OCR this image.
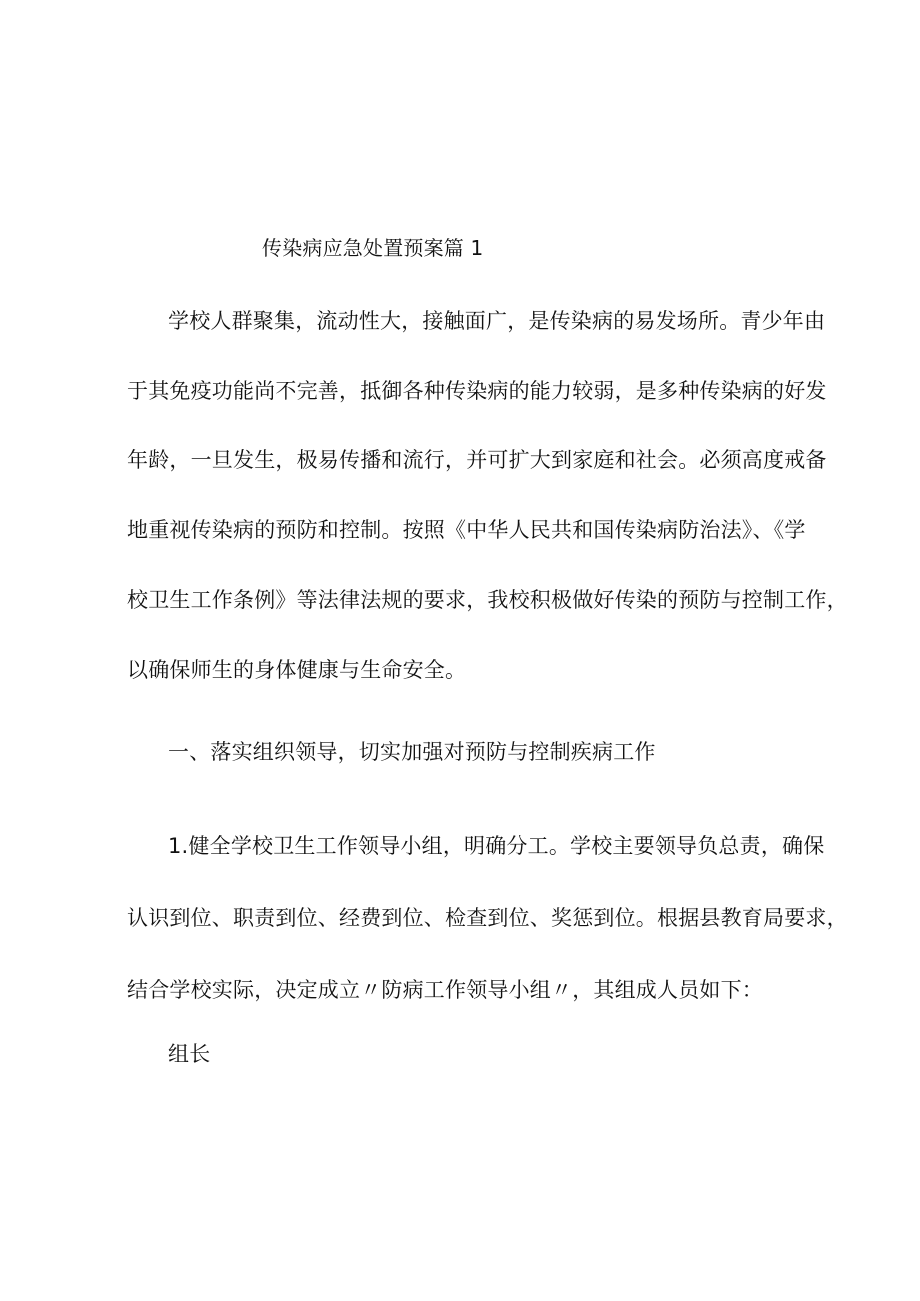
传染病应急处置预案篇 1
学校人群聚集，流动性大，接触面广，是传染病的易发场所。青少年由
于其免疫功能尚不完善，抵御各种传染病的能力较弱，是多种传染病的好发
年龄，一旦发生，极易传播和流行，并可扩大到家庭和社会。必须高度戒备
地重视传染病的预防和控制。按照《中华人民共和国传染病防治法》、《学
校卫生工作条例》等法律法规的要求，我校积极做好传染的预防与控制工作，
以确保师生的身体健康与生命安全。
一、落实组织领导，切实加强对预防与控制疾病工作
1.健全学校卫生工作领导小组，明确分工。学校主要领导负总责，确保
认识到位、职责到位、经费到位、检查到位、奖惩到位。根据县教育局要求，
结合学校实际，决定成立〃防病工作领导小组〃，其组成人员如下：
组长
